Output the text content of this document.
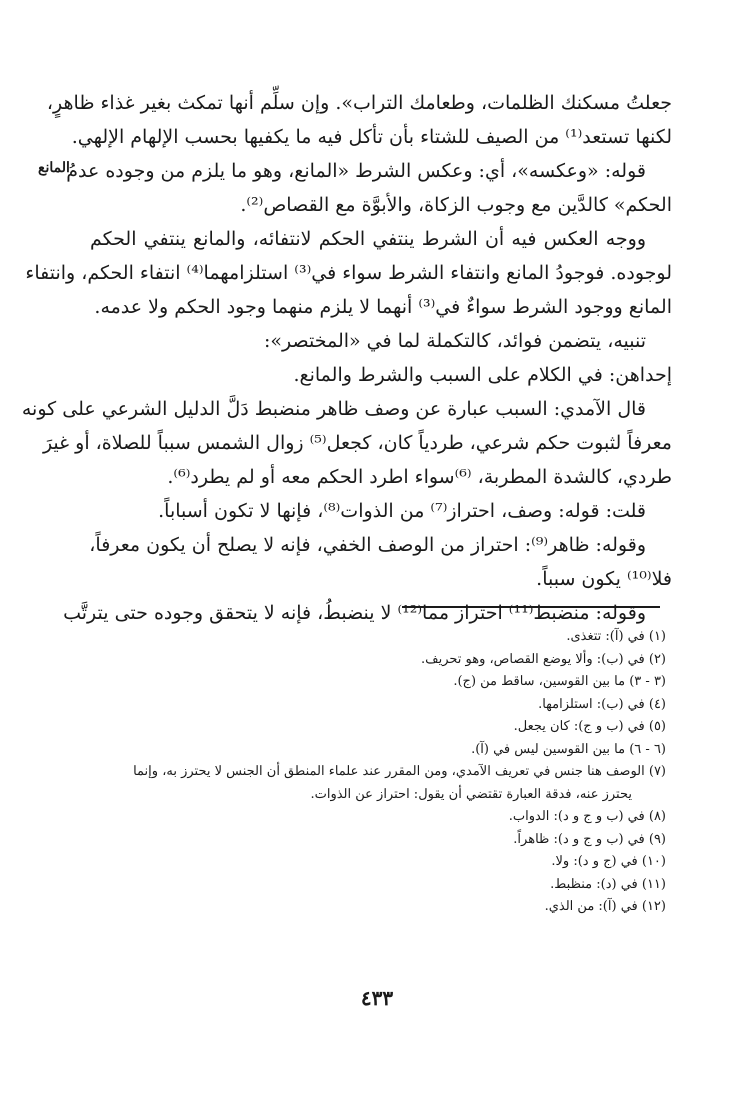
المانع
جعلتُ مسكنك الظلمات، وطعامك التراب». وإن سلِّم أنها تمكث بغير غذاء ظاهرٍ،
لكنها تستعد⁽¹⁾ من الصيف للشتاء بأن تأكل فيه ما يكفيها بحسب الإلهام الإلهي.
قوله: «وعكسه»، أي: وعكس الشرط «المانع، وهو ما يلزم من وجوده عدمُ
الحكم» كالدَّين مع وجوب الزكاة، والأبوَّة مع القصاص⁽²⁾.
ووجه العكس فيه أن الشرط ينتفي الحكم لانتفائه، والمانع ينتفي الحكم
لوجوده. فوجودُ المانع وانتفاء الشرط سواء في⁽³⁾ استلزامهما⁽⁴⁾ انتفاء الحكم، وانتفاء
المانع ووجود الشرط سواءٌ في⁽³⁾ أنهما لا يلزم منهما وجود الحكم ولا عدمه.
تنبيه، يتضمن فوائد، كالتكملة لما في «المختصر»:
إحداهن: في الكلام على السبب والشرط والمانع.
قال الآمدي: السبب عبارة عن وصف ظاهر منضبط دَلَّ الدليل الشرعي على كونه
معرفاً لثبوت حكم شرعي، طردياً كان، كجعل⁽⁵⁾ زوال الشمس سبباً للصلاة، أو غيرَ
طردي، كالشدة المطربة، ⁽⁶⁾سواء اطرد الحكم معه أو لم يطرد⁽⁶⁾.
قلت: قوله: وصف، احتراز⁽⁷⁾ من الذوات⁽⁸⁾، فإنها لا تكون أسباباً.
وقوله: ظاهر⁽⁹⁾: احتراز من الوصف الخفي، فإنه لا يصلح أن يكون معرفاً،
فلا⁽¹⁰⁾ يكون سبباً.
وقوله: منضبط⁽¹¹⁾ احتراز مما⁽¹²⁾ لا ينضبطُ، فإنه لا يتحقق وجوده حتى يترتَّب
(١) في (آ): تتغذى.
(٢) في (ب): وألا يوضع القصاص، وهو تحريف.
(٣ - ٣) ما بين القوسين، ساقط من (ج).
(٤) في (ب): استلزامها.
(٥) في (ب و ج): كان يجعل.
(٦ - ٦) ما بين القوسين ليس في (آ).
(٧) الوصف هنا جنس في تعريف الآمدي، ومن المقرر عند علماء المنطق أن الجنس لا يحترز به، وإنما
يحترز عنه، فدقة العبارة تقتضي أن يقول: احتراز عن الذوات.
(٨) في (ب و ج و د): الدواب.
(٩) في (ب و ج و د): ظاهراً.
(١٠) في (ج و د): ولا.
(١١) في (د): منظبط.
(١٢) في (آ): من الذي.
٤٣٣
